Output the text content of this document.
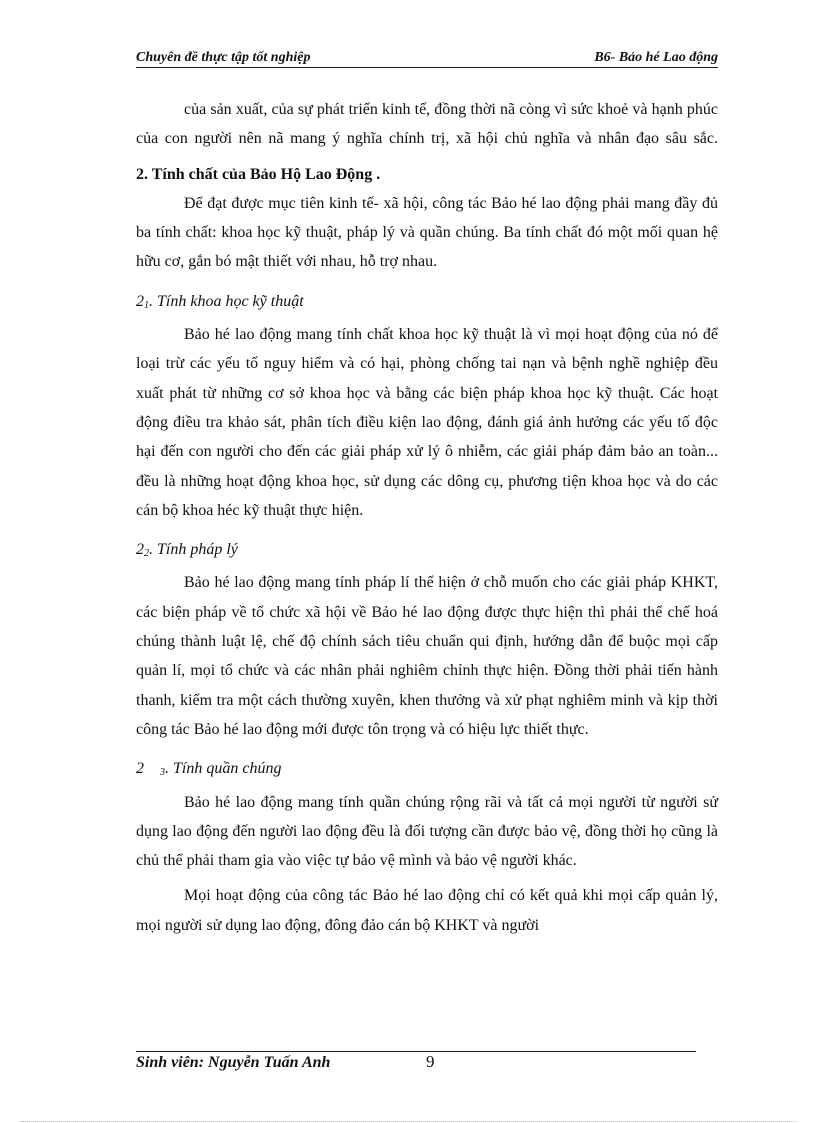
Chuyên đề thực tập tốt nghiệp	B6- Bảo hé Lao động

của sản xuất, của sự phát triển kinh tế, đồng thời nã còng vì sức khoẻ và hạnh phúc của con người nên nã mang ý nghĩa chính trị, xã hội chủ nghĩa và nhân đạo sâu sắc.

2. Tính chất của Bảo Hộ Lao Động .

Để đạt được mục tiên kinh tế- xã hội, công tác Bảo hé lao động phải mang đầy đủ ba tính chất: khoa học kỹ thuật, pháp lý và quần chúng. Ba tính chất đó một mối quan hệ hữu cơ, gắn bó mật thiết với nhau, hỗ trợ nhau.

$2_1$. Tính khoa học kỹ thuật

Bảo hé lao động mang tính chất khoa học kỹ thuật là vì mọi hoạt động của nó để loại trừ các yếu tố nguy hiểm và có hại, phòng chống tai nạn và bệnh nghề nghiệp đều xuất phát từ những cơ sở khoa học và bằng các biện pháp khoa học kỹ thuật. Các hoạt động điều tra khảo sát, phân tích điều kiện lao động, đánh giá ảnh hưởng các yếu tố độc hại đến con người cho đến các giải pháp xử lý ô nhiễm, các giải pháp đảm bảo an toàn... đều là những hoạt động khoa học, sử dụng các dông cụ, phương tiện khoa học và do các cán bộ khoa héc kỹ thuật thực hiện.

$2_2$. Tính pháp lý

Bảo hé lao động mang tính pháp lí thể hiện ở chỗ muốn cho các giải pháp KHKT, các biện pháp về tổ chức xã hội về Bảo hé lao động được thực hiện thì phải thể chế hoá chúng thành luật lệ, chế độ chính sách tiêu chuẩn qui định, hướng dẫn để buộc mọi cấp quản lí, mọi tổ chức và các nhân phải nghiêm chỉnh thực hiện. Đồng thời phải tiến hành thanh, kiểm tra một cách thường xuyên, khen thưởng và xử phạt nghiêm minh và kịp thời công tác Bảo hé lao động mới được tôn trọng và có hiệu lực thiết thực.

2 $_3$. Tính quần chúng

Bảo hé lao động mang tính quần chúng rộng rãi và tất cả mọi người từ người sử dụng lao động đến người lao động đều là đối tượng cần được bảo vệ, đồng thời họ cũng là chủ thể phải tham gia vào việc tự bảo vệ mình và bảo vệ người khác.

Mọi hoạt động của công tác Bảo hé lao động chỉ có kết quả khi mọi cấp quản lý, mọi người sử dụng lao động, đông đảo cán bộ KHKT và người

Sinh viên: Nguyễn Tuấn Anh	9
